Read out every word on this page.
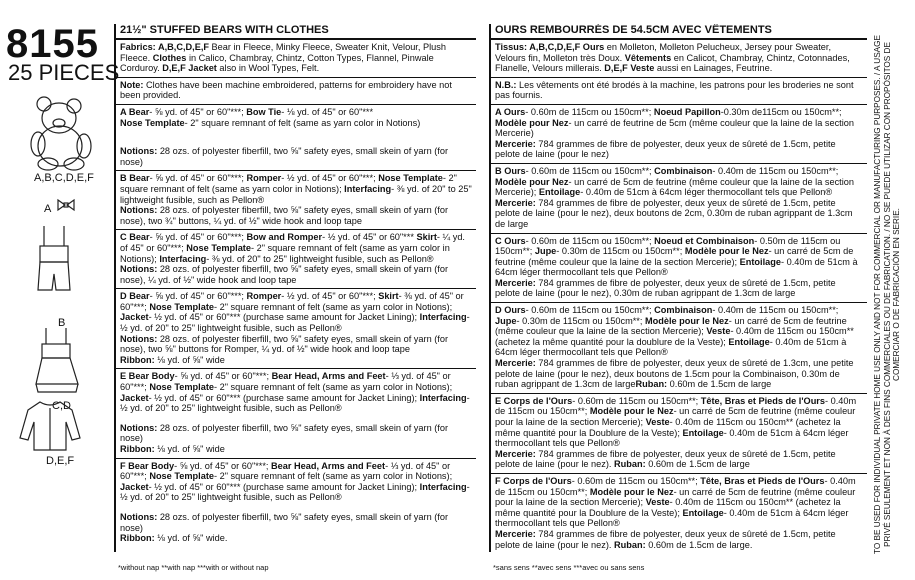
8155
25 PIECES
A,B,C,D,E,F
A
B
C,D
D,E,F
21½" STUFFED BEARS WITH CLOTHES

Fabrics: A,B,C,D,E,F Bear in Fleece, Minky Fleece, Sweater Knit, Velour, Plush Fleece. Clothes in Calico, Chambray, Chintz, Cotton Types, Flannel, Pinwale Corduroy. D,E,F Jacket also in Wool Types, Felt.

Note: Clothes have been machine embroidered, patterns for embroidery have not been provided.

A Bear- ⅝ yd. of 45" or 60"***; Bow Tie- ⅛ yd. of 45" or 60"***

Nose Template- 2" square remnant of felt (same as yarn color in Notions)

Notions: 28 ozs. of polyester fiberfill, two ⅝" safety eyes, small skein of yarn (for nose)

B Bear- ⅝ yd. of 45" or 60"***; Romper- ½ yd. of 45" or 60"***; Nose Template- 2" square remnant of felt (same as yarn color in Notions); Interfacing- ⅜ yd. of 20" to 25" lightweight fusible, such as Pellon®

Notions: 28 ozs. of polyester fiberfill, two ⅝" safety eyes, small skein of yarn (for nose), two ¾" buttons, ¼ yd. of ½" wide hook and loop tape

C Bear- ⅝ yd. of 45" or 60"***; Bow and Romper- ½ yd. of 45" or 60"*** Skirt- ¼ yd. of 45" or 60"***; Nose Template- 2" square remnant of felt (same as yarn color in Notions); Interfacing- ⅜ yd. of 20" to 25" lightweight fusible, such as Pellon®

Notions: 28 ozs. of polyester fiberfill, two ⅝" safety eyes, small skein of yarn (for nose), ¼ yd. of ½" wide hook and loop tape

D Bear- ⅝ yd. of 45" or 60"***; Romper- ½ yd. of 45" or 60"***; Skirt- ⅜ yd. of 45" or 60"***; Nose Template- 2" square remnant of felt (same as yarn color in Notions); Jacket- ½ yd. of 45" or 60"*** (purchase same amount for Jacket Lining); Interfacing- ½ yd. of 20" to 25" lightweight fusible, such as Pellon®

Notions: 28 ozs. of polyester fiberfill, two ⅝" safety eyes, small skein of yarn (for nose), two ⅝" buttons for Romper, ¼ yd. of ½" wide hook and loop tape

Ribbon: ⅛ yd. of ⅝" wide

E Bear Body- ⅝ yd. of 45" or 60"***; Bear Head, Arms and Feet- ⅓ yd. of 45" or 60"***; Nose Template- 2" square remnant of felt (same as yarn color in Notions); Jacket- ½ yd. of 45" or 60"*** (purchase same amount for Jacket Lining); Interfacing- ½ yd. of 20" to 25" lightweight fusible, such as Pellon®

Notions: 28 ozs. of polyester fiberfill, two ⅝" safety eyes, small skein of yarn (for nose)

Ribbon: ⅛ yd. of ⅝" wide

F Bear Body- ⅝ yd. of 45" or 60"***; Bear Head, Arms and Feet- ⅓ yd. of 45" or 60"***; Nose Template- 2" square remnant of felt (same as yarn color in Notions); Jacket- ½ yd. of 45" or 60"*** (purchase same amount for Jacket Lining); Interfacing- ½ yd. of 20" to 25" lightweight fusible, such as Pellon®

Notions: 28 ozs. of polyester fiberfill, two ⅝" safety eyes, small skein of yarn (for nose)

Ribbon: ⅛ yd. of ⅝" wide.

*without nap **with nap ***with or without nap
OURS REMBOURRÉS DE 54.5CM AVEC VÊTEMENTS

Tissus: A,B,C,D,E,F Ours en Molleton, Molleton Pelucheux, Jersey pour Sweater, Velours fin, Molleton très Doux. Vêtements en Calicot, Chambray, Chintz, Cotonnades, Flanelle, Velours millerais. D,E,F Veste aussi en Lainages, Feutrine.

N.B.: Les vêtements ont été brodés à la machine, les patrons pour les broderies ne sont pas fournis.

A Ours- 0.60m de 115cm ou 150cm**; Noeud Papillon-0.30m de115cm ou 150cm**; Modèle pour Nez- un carré de feutrine de 5cm (même couleur que la laine de la section Mercerie)

Mercerie: 784 grammes de fibre de polyester, deux yeux de sûreté de 1.5cm, petite pelote de laine (pour le nez)

B Ours- 0.60m de 115cm ou 150cm**; Combinaison- 0.40m de 115cm ou 150cm**; Modèle pour Nez- un carré de 5cm de feutrine (même couleur que la laine de la section Mercerie); Entoilage- 0.40m de 51cm à 64cm léger thermocollant tels que Pellon®

Mercerie: 784 grammes de fibre de polyester, deux yeux de sûreté de 1.5cm, petite pelote de laine (pour le nez), deux boutons de 2cm, 0.30m de ruban agrippant de 1.3cm de large

C Ours- 0.60m de 115cm ou 150cm**; Noeud et Combinaison- 0.50m de 115cm ou 150cm**; Jupe- 0.30m de 115cm ou 150cm**; Modèle pour le Nez- un carré de 5cm de feutrine (même couleur que la laine de la section Mercerie); Entoilage- 0.40m de 51cm à 64cm léger thermocollant tels que Pellon®

Mercerie: 784 grammes de fibre de polyester, deux yeux de sûreté de 1.5cm, petite pelote de laine (pour le nez), 0.30m de ruban agrippant de 1.3cm de large

D Ours- 0.60m de 115cm ou 150cm**; Combinaison- 0.40m de 115cm ou 150cm**; Jupe- 0.30m de 115cm ou 150cm**; Modèle pour le Nez- un carré de 5cm de feutrine (même couleur que la laine de la section Mercerie); Veste- 0.40m de 115cm ou 150cm** (achetez la même quantité pour la doublure de la Veste); Entoilage- 0.40m de 51cm à 64cm léger thermocollant tels que Pellon®

Mercerie: 784 grammes de fibre de polyester, deux yeux de sûreté de 1.3cm, une petite pelote de laine (pour le nez), deux boutons de 1.5cm pour la Combinaison, 0.30m de ruban agrippant de 1.3cm de largeRuban: 0.60m de 1.5cm de large

E Corps de l'Ours- 0.60m de 115cm ou 150cm**; Tête, Bras et Pieds de l'Ours- 0.40m de 115cm ou 150cm**; Modèle pour le Nez- un carré de 5cm de feutrine (même couleur pour la laine de la section Mercerie); Veste- 0.40m de 115cm ou 150cm** (achetez la même quantité pour la Doublure de la Veste); Entoilage- 0.40m de 51cm à 64cm léger thermocollant tels que Pellon®

Mercerie: 784 grammes de fibre de polyester, deux yeux de sûreté de 1.5cm, petite pelote de laine (pour le nez). Ruban: 0.60m de 1.5cm de large

F Corps de l'Ours- 0.60m de 115cm ou 150cm**; Tête, Bras et Pieds de l'Ours- 0.40m de 115cm ou 150cm**; Modèle pour le Nez- un carré de 5cm de feutrine (même couleur pour la laine de la section Mercerie); Veste- 0.40m de 115cm ou 150cm** (achetez la même quantité pour la Doublure de la Veste); Entoilage- 0.40m de 51cm à 64cm léger thermocollant tels que Pellon®

Mercerie: 784 grammes de fibre de polyester, deux yeux de sûreté de 1.5cm, petite pelote de laine (pour le nez). Ruban: 0.60m de 1.5cm de large.

*sans sens **avec sens ***avec ou sans sens
TO BE USED FOR INDIVIDUAL PRIVATE HOME USE ONLY AND NOT FOR COMMERCIAL OR MANUFACTURING PURPOSES. / A USAGE PRIVÉ SEULEMENT ET NON À DES FINS COMMERCIALES OU DE FABRICATION. / NO SE PUEDE UTILIZAR CON PROPÓSITOS DE COMERCIAR O DE FABRICACIÓN EN SERIE.
